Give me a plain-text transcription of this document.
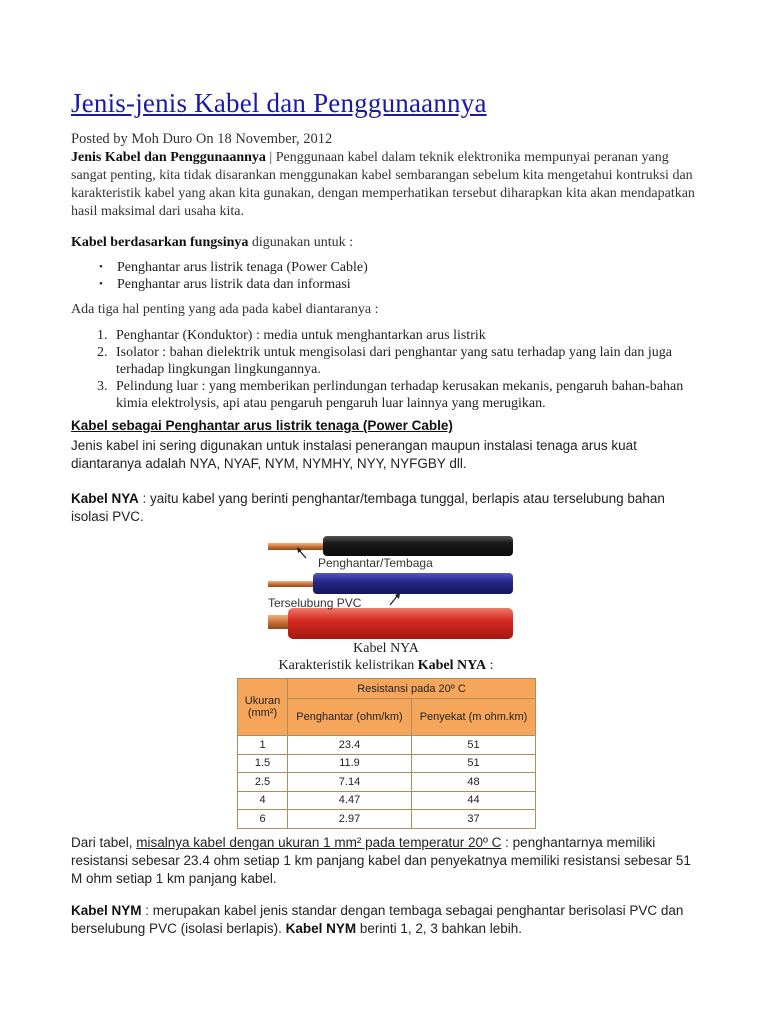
Jenis-jenis Kabel dan Penggunaannya
Posted by Moh Duro On 18 November, 2012
Jenis Kabel dan Penggunaannya | Penggunaan kabel dalam teknik elektronika mempunyai peranan yang sangat penting, kita tidak disarankan menggunakan kabel sembarangan sebelum kita mengetahui kontruksi dan karakteristik kabel yang akan kita gunakan, dengan memperhatikan tersebut diharapkan kita akan mendapatkan hasil maksimal dari usaha kita.
Kabel berdasarkan fungsinya digunakan untuk :
• Penghantar arus listrik tenaga (Power Cable)
• Penghantar arus listrik data dan informasi
Ada tiga hal penting yang ada pada kabel diantaranya :
1. Penghantar (Konduktor) : media untuk menghantarkan arus listrik
2. Isolator : bahan dielektrik untuk mengisolasi dari penghantar yang satu terhadap yang lain dan juga terhadap lingkungan lingkungannya.
3. Pelindung luar : yang memberikan perlindungan terhadap kerusakan mekanis, pengaruh bahan-bahan kimia elektrolysis, api atau pengaruh pengaruh luar lainnya yang merugikan.
Kabel sebagai Penghantar arus listrik tenaga (Power Cable)
Jenis kabel ini sering digunakan untuk instalasi penerangan maupun instalasi tenaga arus kuat diantaranya adalah NYA, NYAF, NYM, NYMHY, NYY, NYFGBY dll.
Kabel NYA : yaitu kabel yang berinti penghantar/tembaga tunggal, berlapis atau terselubung bahan isolasi PVC.
Kabel NYA
Karakteristik kelistrikan Kabel NYA :
Dari tabel, misalnya kabel dengan ukuran 1 mm² pada temperatur 20º C : penghantarnya memiliki resistansi sebesar 23.4 ohm setiap 1 km panjang kabel dan penyekatnya memiliki resistansi sebesar 51 M ohm setiap 1 km panjang kabel.
Kabel NYM : merupakan kabel jenis standar dengan tembaga sebagai penghantar berisolasi PVC dan berselubung PVC (isolasi berlapis). Kabel NYM berinti 1, 2, 3 bahkan lebih.
Penghantar/Tembaga
Terselubung PVC
Ukuran (mm²)	Resistansi pada 20º C	
	Penghantar (ohm/km)	Penyekat (m ohm.km)
1	23.4	51
1.5	11.9	51
2.5	7.14	48
4	4.47	44
6	2.97	37
